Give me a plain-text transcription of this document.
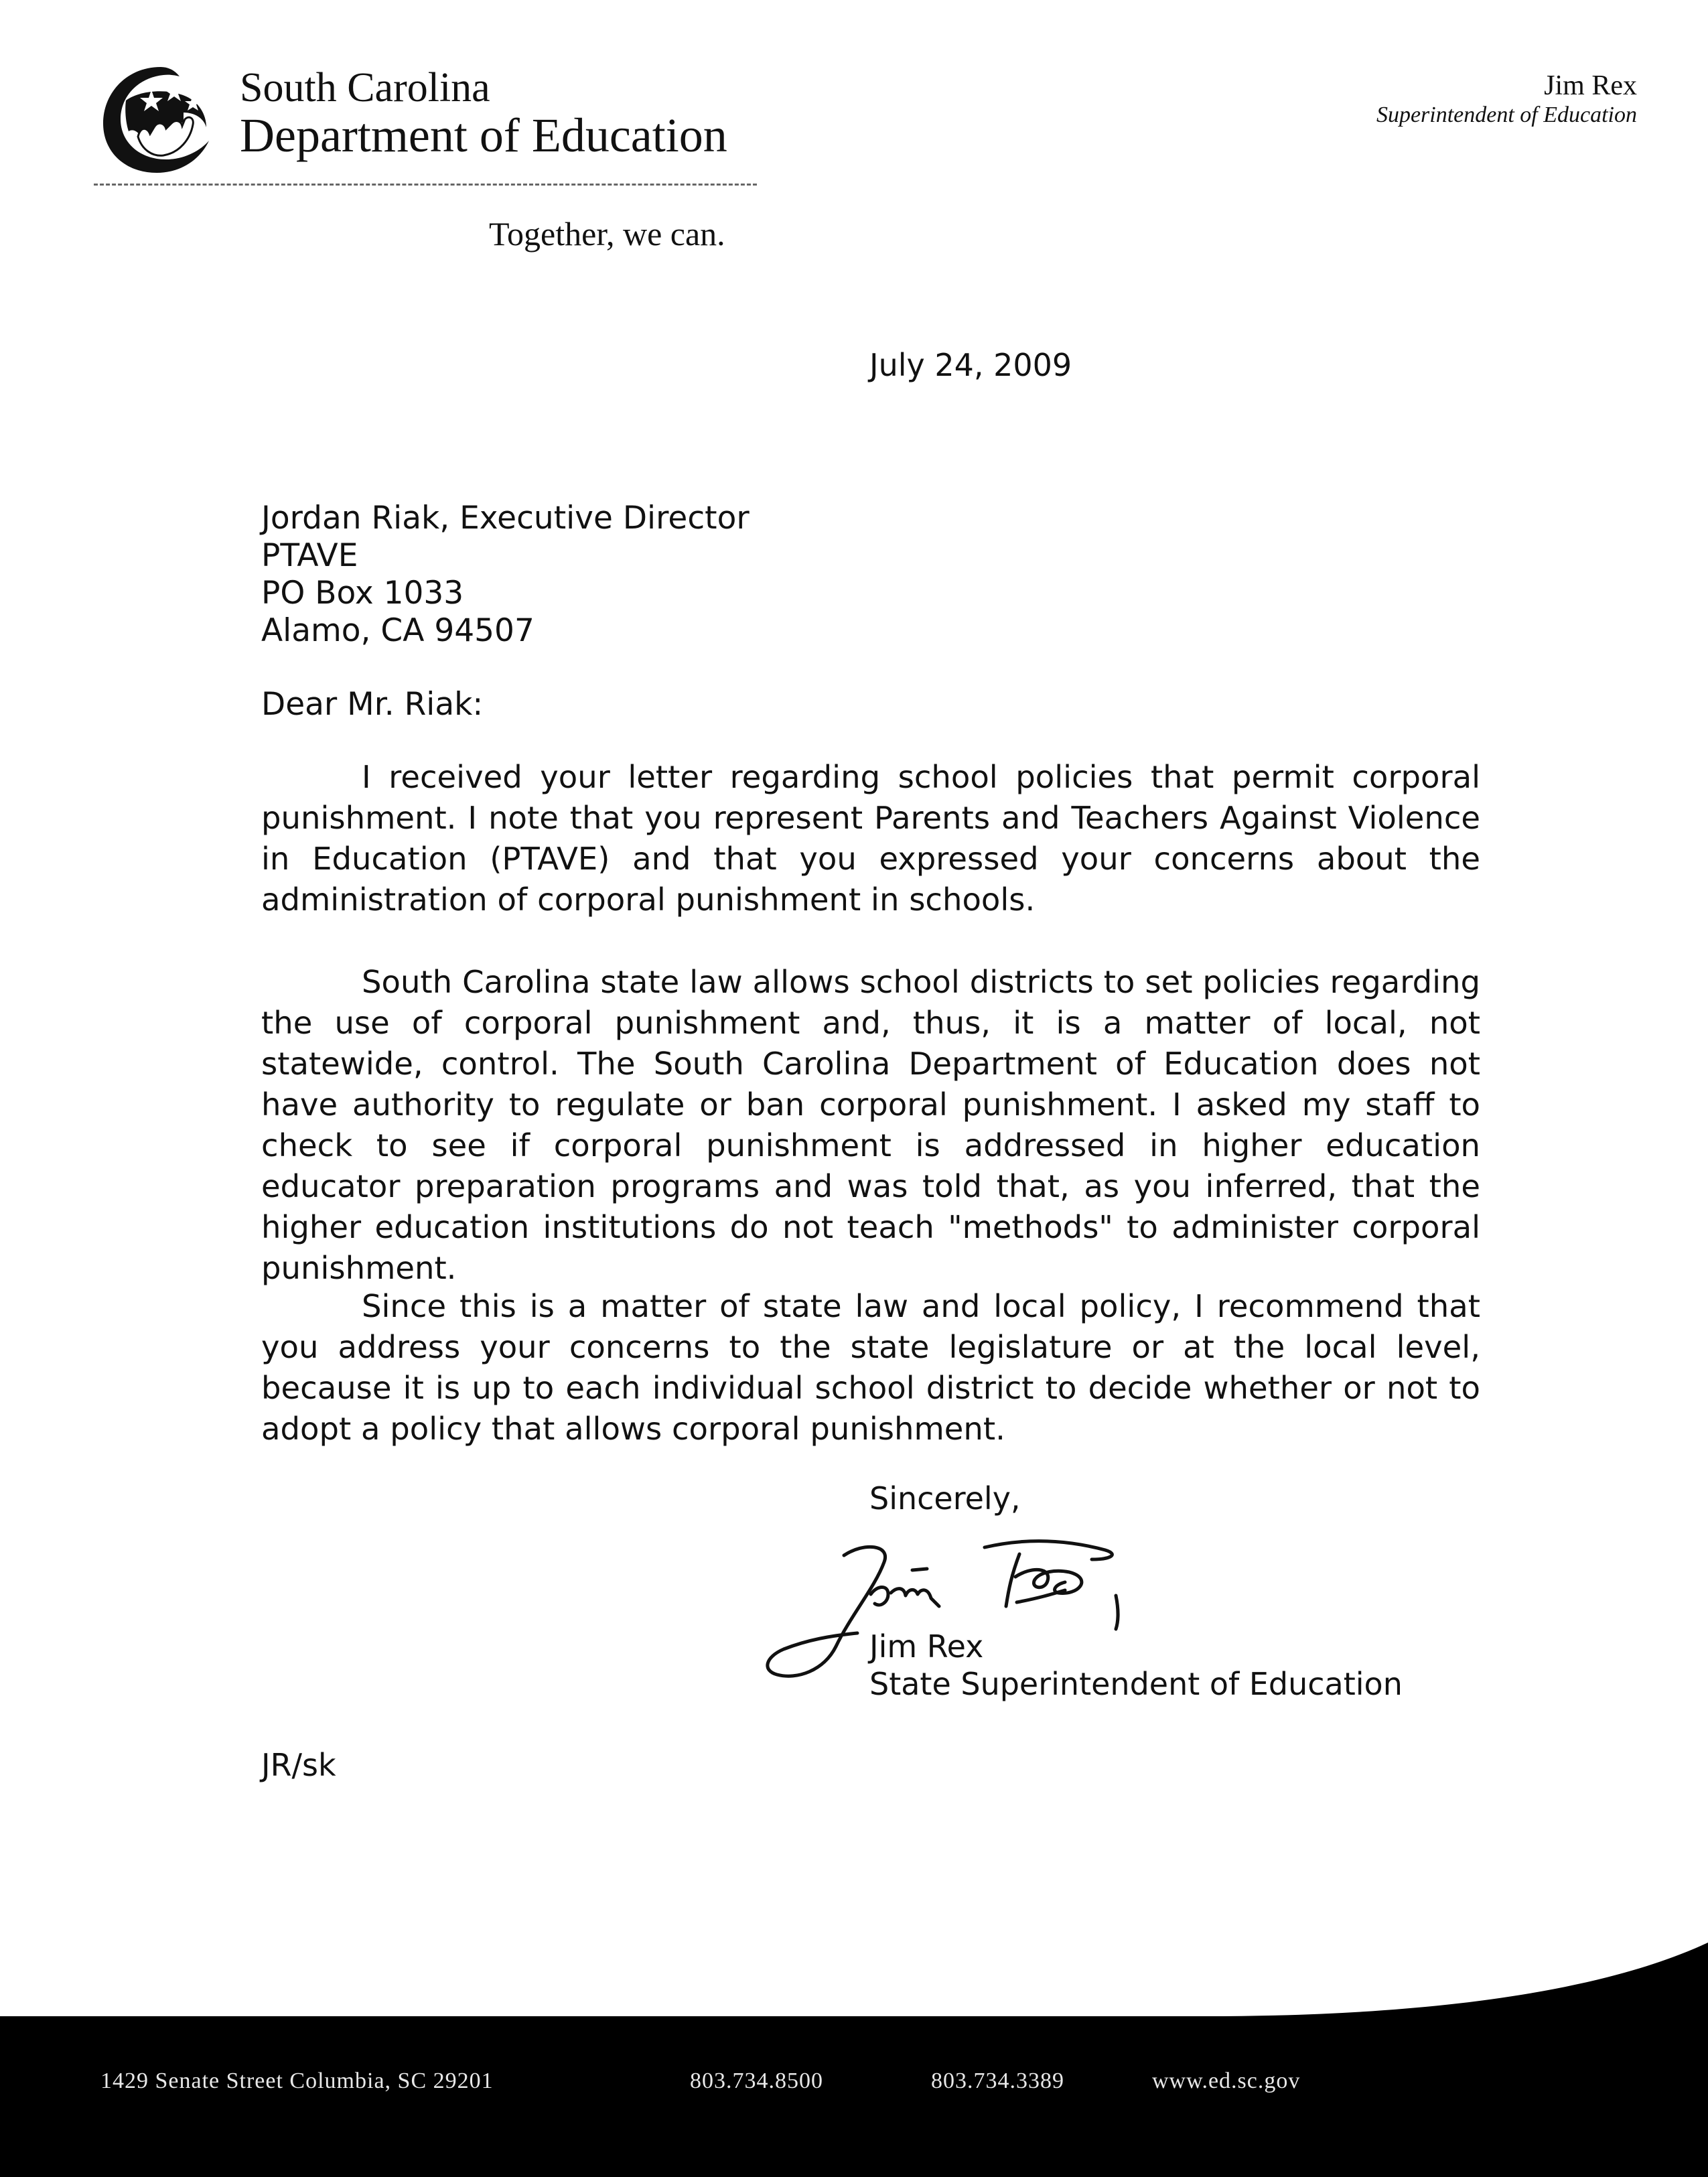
South Carolina
Department of Education
Jim Rex
Superintendent of Education
Together, we can.
July 24, 2009
Jordan Riak, Executive Director
PTAVE
PO Box 1033
Alamo, CA 94507
Dear Mr. Riak:

I received your letter regarding school policies that permit corporal punishment. I note that you represent Parents and Teachers Against Violence in Education (PTAVE) and that you expressed your concerns about the administration of corporal punishment in schools.

South Carolina state law allows school districts to set policies regarding the use of corporal punishment and, thus, it is a matter of local, not statewide, control. The South Carolina Department of Education does not have authority to regulate or ban corporal punishment. I asked my staff to check to see if corporal punishment is addressed in higher education educator preparation programs and was told that, as you inferred, that the higher education institutions do not teach "methods" to administer corporal punishment.

Since this is a matter of state law and local policy, I recommend that you address your concerns to the state legislature or at the local level, because it is up to each individual school district to decide whether or not to adopt a policy that allows corporal punishment.

Sincerely,
Jim Rex
State Superintendent of Education
JR/sk
1429 Senate Street Columbia, SC 29201	803.734.8500	803.734.3389	www.ed.sc.gov
